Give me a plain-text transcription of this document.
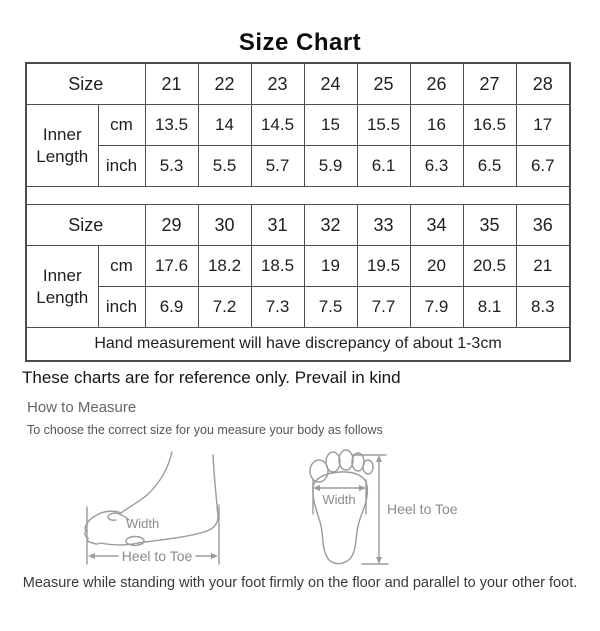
Size Chart
Size		21	22	23	24	25	26	27	28
Inner Length	cm	13.5	14	14.5	15	15.5	16	16.5	17
	inch	5.3	5.5	5.7	5.9	6.1	6.3	6.5	6.7

Size		29	30	31	32	33	34	35	36
Inner Length	cm	17.6	18.2	18.5	19	19.5	20	20.5	21
	inch	6.9	7.2	7.3	7.5	7.7	7.9	8.1	8.3
Hand measurement will have discrepancy of about 1-3cm									
These charts are for reference only. Prevail in kind
How to Measure
To choose the correct size for you measure your body as follows
Width
Heel to Toe
Width
Heel to Toe
Measure while standing with your foot firmly on the floor and parallel to your other foot.
